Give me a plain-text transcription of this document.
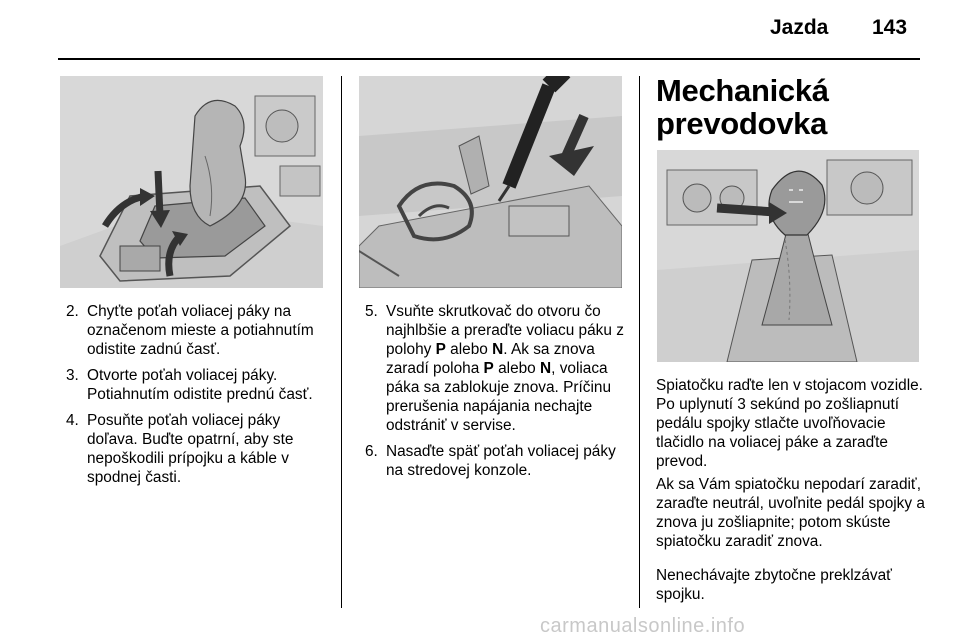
Jazda 143
2. Chyťte poťah voliacej páky na označenom mieste a potiahnutím odistite zadnú časť.
3. Otvorte poťah voliacej páky. Potiahnutím odistite prednú časť.
4. Posuňte poťah voliacej páky doľava. Buďte opatrní, aby ste nepoškodili prípojku a káble v spodnej časti.
5. Vsuňte skrutkovač do otvoru čo najhlbšie a preraďte voliacu páku z polohy P alebo N. Ak sa znova zaradí poloha P alebo N, voliaca páka sa zablokuje znova. Príčinu prerušenia napájania nechajte odstrániť v servise.
6. Nasaďte späť poťah voliacej páky na stredovej konzole.
Mechanická
prevodovka
Spiatočku raďte len v stojacom vozidle. Po uplynutí 3 sekúnd po zošliapnutí pedálu spojky stlačte uvoľňovacie tlačidlo na voliacej páke a zaraďte prevod.
Ak sa Vám spiatočku nepodarí zaradiť, zaraďte neutrál, uvoľnite pedál spojky a znova ju zošliapnite; potom skúste spiatočku zaradiť znova.
Nenechávajte zbytočne preklzávať spojku.
carmanualsonline.info
